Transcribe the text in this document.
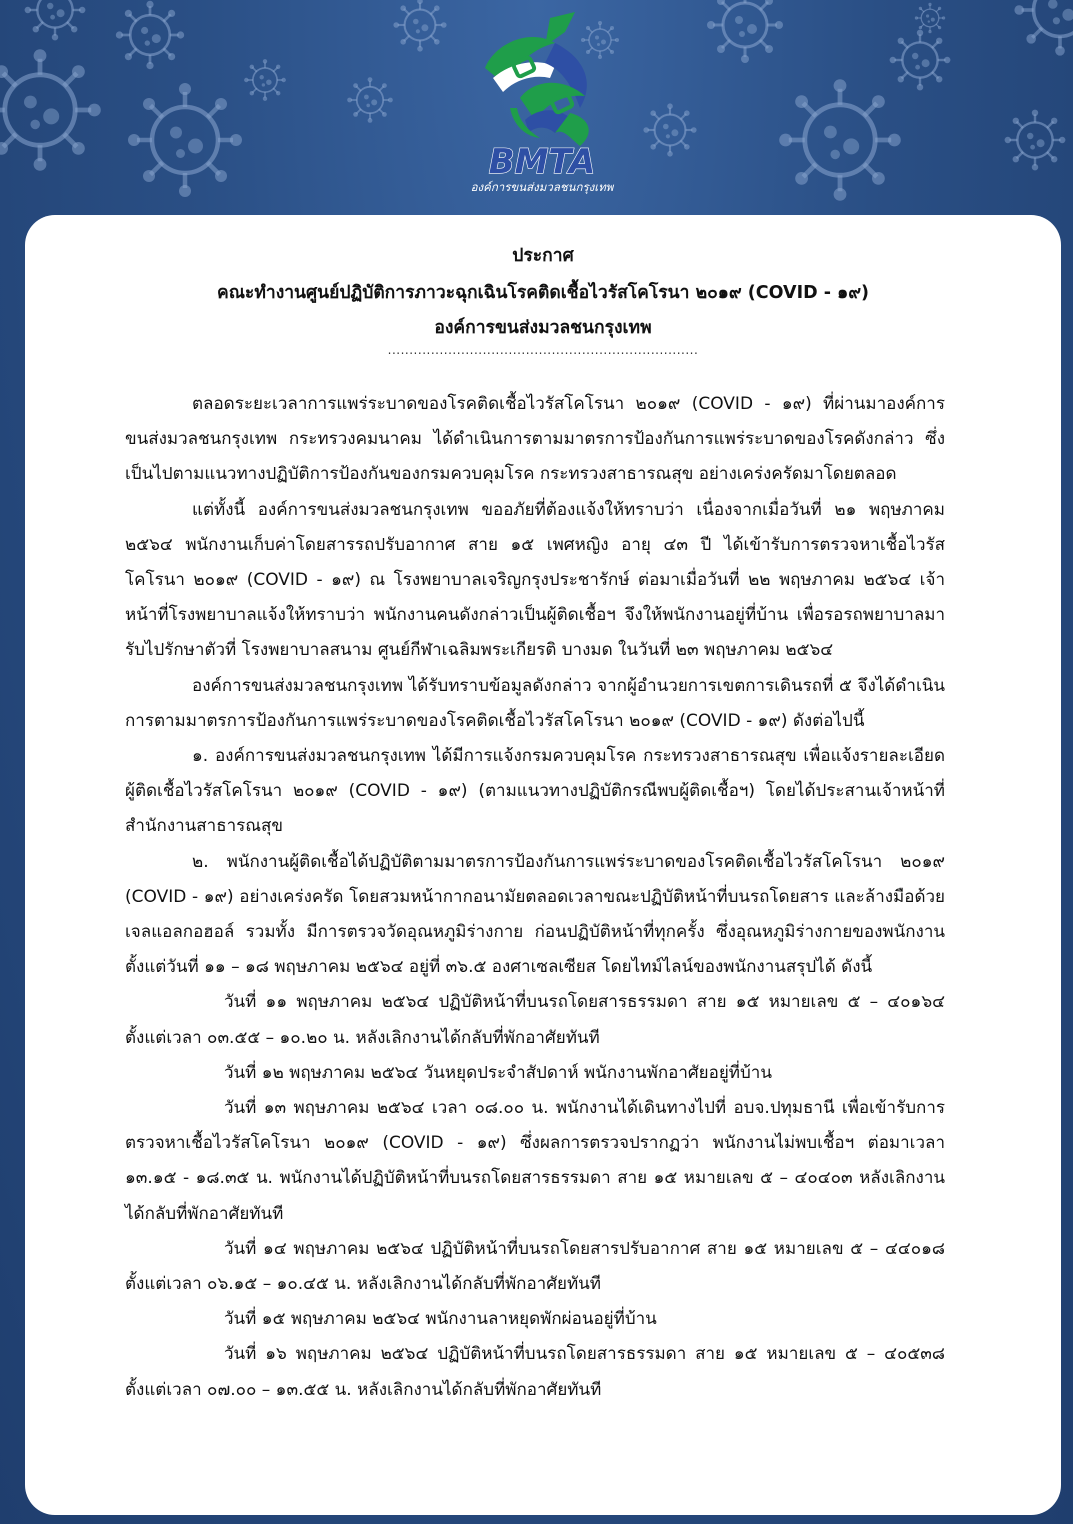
BMTA
องค์การขนส่งมวลชนกรุงเทพ

ประกาศ

คณะทำงานศูนย์ปฏิบัติการภาวะฉุกเฉินโรคติดเชื้อไวรัสโคโรนา ๒๐๑๙ (COVID - ๑๙)

องค์การขนส่งมวลชนกรุงเทพ

........................................................................

ตลอดระยะเวลาการแพร่ระบาดของโรคติดเชื้อไวรัสโคโรนา ๒๐๑๙ (COVID - ๑๙) ที่ผ่านมาองค์การขนส่งมวลชนกรุงเทพ กระทรวงคมนาคม ได้ดำเนินการตามมาตรการป้องกันการแพร่ระบาดของโรคดังกล่าว ซึ่งเป็นไปตามแนวทางปฏิบัติการป้องกันของกรมควบคุมโรค กระทรวงสาธารณสุข อย่างเคร่งครัดมาโดยตลอด

แต่ทั้งนี้ องค์การขนส่งมวลชนกรุงเทพ ขออภัยที่ต้องแจ้งให้ทราบว่า เนื่องจากเมื่อวันที่ ๒๑ พฤษภาคม ๒๕๖๔ พนักงานเก็บค่าโดยสารรถปรับอากาศ สาย ๑๕ เพศหญิง อายุ ๔๓ ปี ได้เข้ารับการตรวจหาเชื้อไวรัสโคโรนา ๒๐๑๙ (COVID - ๑๙) ณ โรงพยาบาลเจริญกรุงประชารักษ์ ต่อมาเมื่อวันที่ ๒๒ พฤษภาคม ๒๕๖๔ เจ้าหน้าที่โรงพยาบาลแจ้งให้ทราบว่า พนักงานคนดังกล่าวเป็นผู้ติดเชื้อฯ จึงให้พนักงานอยู่ที่บ้าน เพื่อรอรถพยาบาลมารับไปรักษาตัวที่ โรงพยาบาลสนาม ศูนย์กีฬาเฉลิมพระเกียรติ บางมด ในวันที่ ๒๓ พฤษภาคม ๒๕๖๔

องค์การขนส่งมวลชนกรุงเทพ ได้รับทราบข้อมูลดังกล่าว จากผู้อำนวยการเขตการเดินรถที่ ๕ จึงได้ดำเนินการตามมาตรการป้องกันการแพร่ระบาดของโรคติดเชื้อไวรัสโคโรนา ๒๐๑๙ (COVID - ๑๙) ดังต่อไปนี้

๑. องค์การขนส่งมวลชนกรุงเทพ ได้มีการแจ้งกรมควบคุมโรค กระทรวงสาธารณสุข เพื่อแจ้งรายละเอียดผู้ติดเชื้อไวรัสโคโรนา ๒๐๑๙ (COVID - ๑๙) (ตามแนวทางปฏิบัติกรณีพบผู้ติดเชื้อฯ) โดยได้ประสานเจ้าหน้าที่สำนักงานสาธารณสุข

๒. พนักงานผู้ติดเชื้อได้ปฏิบัติตามมาตรการป้องกันการแพร่ระบาดของโรคติดเชื้อไวรัสโคโรนา ๒๐๑๙ (COVID - ๑๙) อย่างเคร่งครัด โดยสวมหน้ากากอนามัยตลอดเวลาขณะปฏิบัติหน้าที่บนรถโดยสาร และล้างมือด้วยเจลแอลกอฮอล์ รวมทั้ง มีการตรวจวัดอุณหภูมิร่างกาย ก่อนปฏิบัติหน้าที่ทุกครั้ง ซึ่งอุณหภูมิร่างกายของพนักงาน ตั้งแต่วันที่ ๑๑ – ๑๘ พฤษภาคม ๒๕๖๔ อยู่ที่ ๓๖.๕ องศาเซลเซียส โดยไทม์ไลน์ของพนักงานสรุปได้ ดังนี้

วันที่ ๑๑ พฤษภาคม ๒๕๖๔ ปฏิบัติหน้าที่บนรถโดยสารธรรมดา สาย ๑๕ หมายเลข ๕ – ๔๐๑๖๔ ตั้งแต่เวลา ๐๓.๕๕ – ๑๐.๒๐ น. หลังเลิกงานได้กลับที่พักอาศัยทันที

วันที่ ๑๒ พฤษภาคม ๒๕๖๔ วันหยุดประจำสัปดาห์ พนักงานพักอาศัยอยู่ที่บ้าน

วันที่ ๑๓ พฤษภาคม ๒๕๖๔ เวลา ๐๘.๐๐ น. พนักงานได้เดินทางไปที่ อบจ.ปทุมธานี เพื่อเข้ารับการตรวจหาเชื้อไวรัสโคโรนา ๒๐๑๙ (COVID - ๑๙) ซึ่งผลการตรวจปรากฏว่า พนักงานไม่พบเชื้อฯ ต่อมาเวลา ๑๓.๑๕ - ๑๘.๓๕ น. พนักงานได้ปฏิบัติหน้าที่บนรถโดยสารธรรมดา สาย ๑๕ หมายเลข ๕ – ๔๐๔๐๓ หลังเลิกงานได้กลับที่พักอาศัยทันที

วันที่ ๑๔ พฤษภาคม ๒๕๖๔ ปฏิบัติหน้าที่บนรถโดยสารปรับอากาศ สาย ๑๕ หมายเลข ๕ – ๔๔๐๑๘ ตั้งแต่เวลา ๐๖.๑๕ – ๑๐.๔๕ น. หลังเลิกงานได้กลับที่พักอาศัยทันที

วันที่ ๑๕ พฤษภาคม ๒๕๖๔ พนักงานลาหยุดพักผ่อนอยู่ที่บ้าน

วันที่ ๑๖ พฤษภาคม ๒๕๖๔ ปฏิบัติหน้าที่บนรถโดยสารธรรมดา สาย ๑๕ หมายเลข ๕ – ๔๐๕๓๘ ตั้งแต่เวลา ๐๗.๐๐ – ๑๓.๕๕ น. หลังเลิกงานได้กลับที่พักอาศัยทันที
